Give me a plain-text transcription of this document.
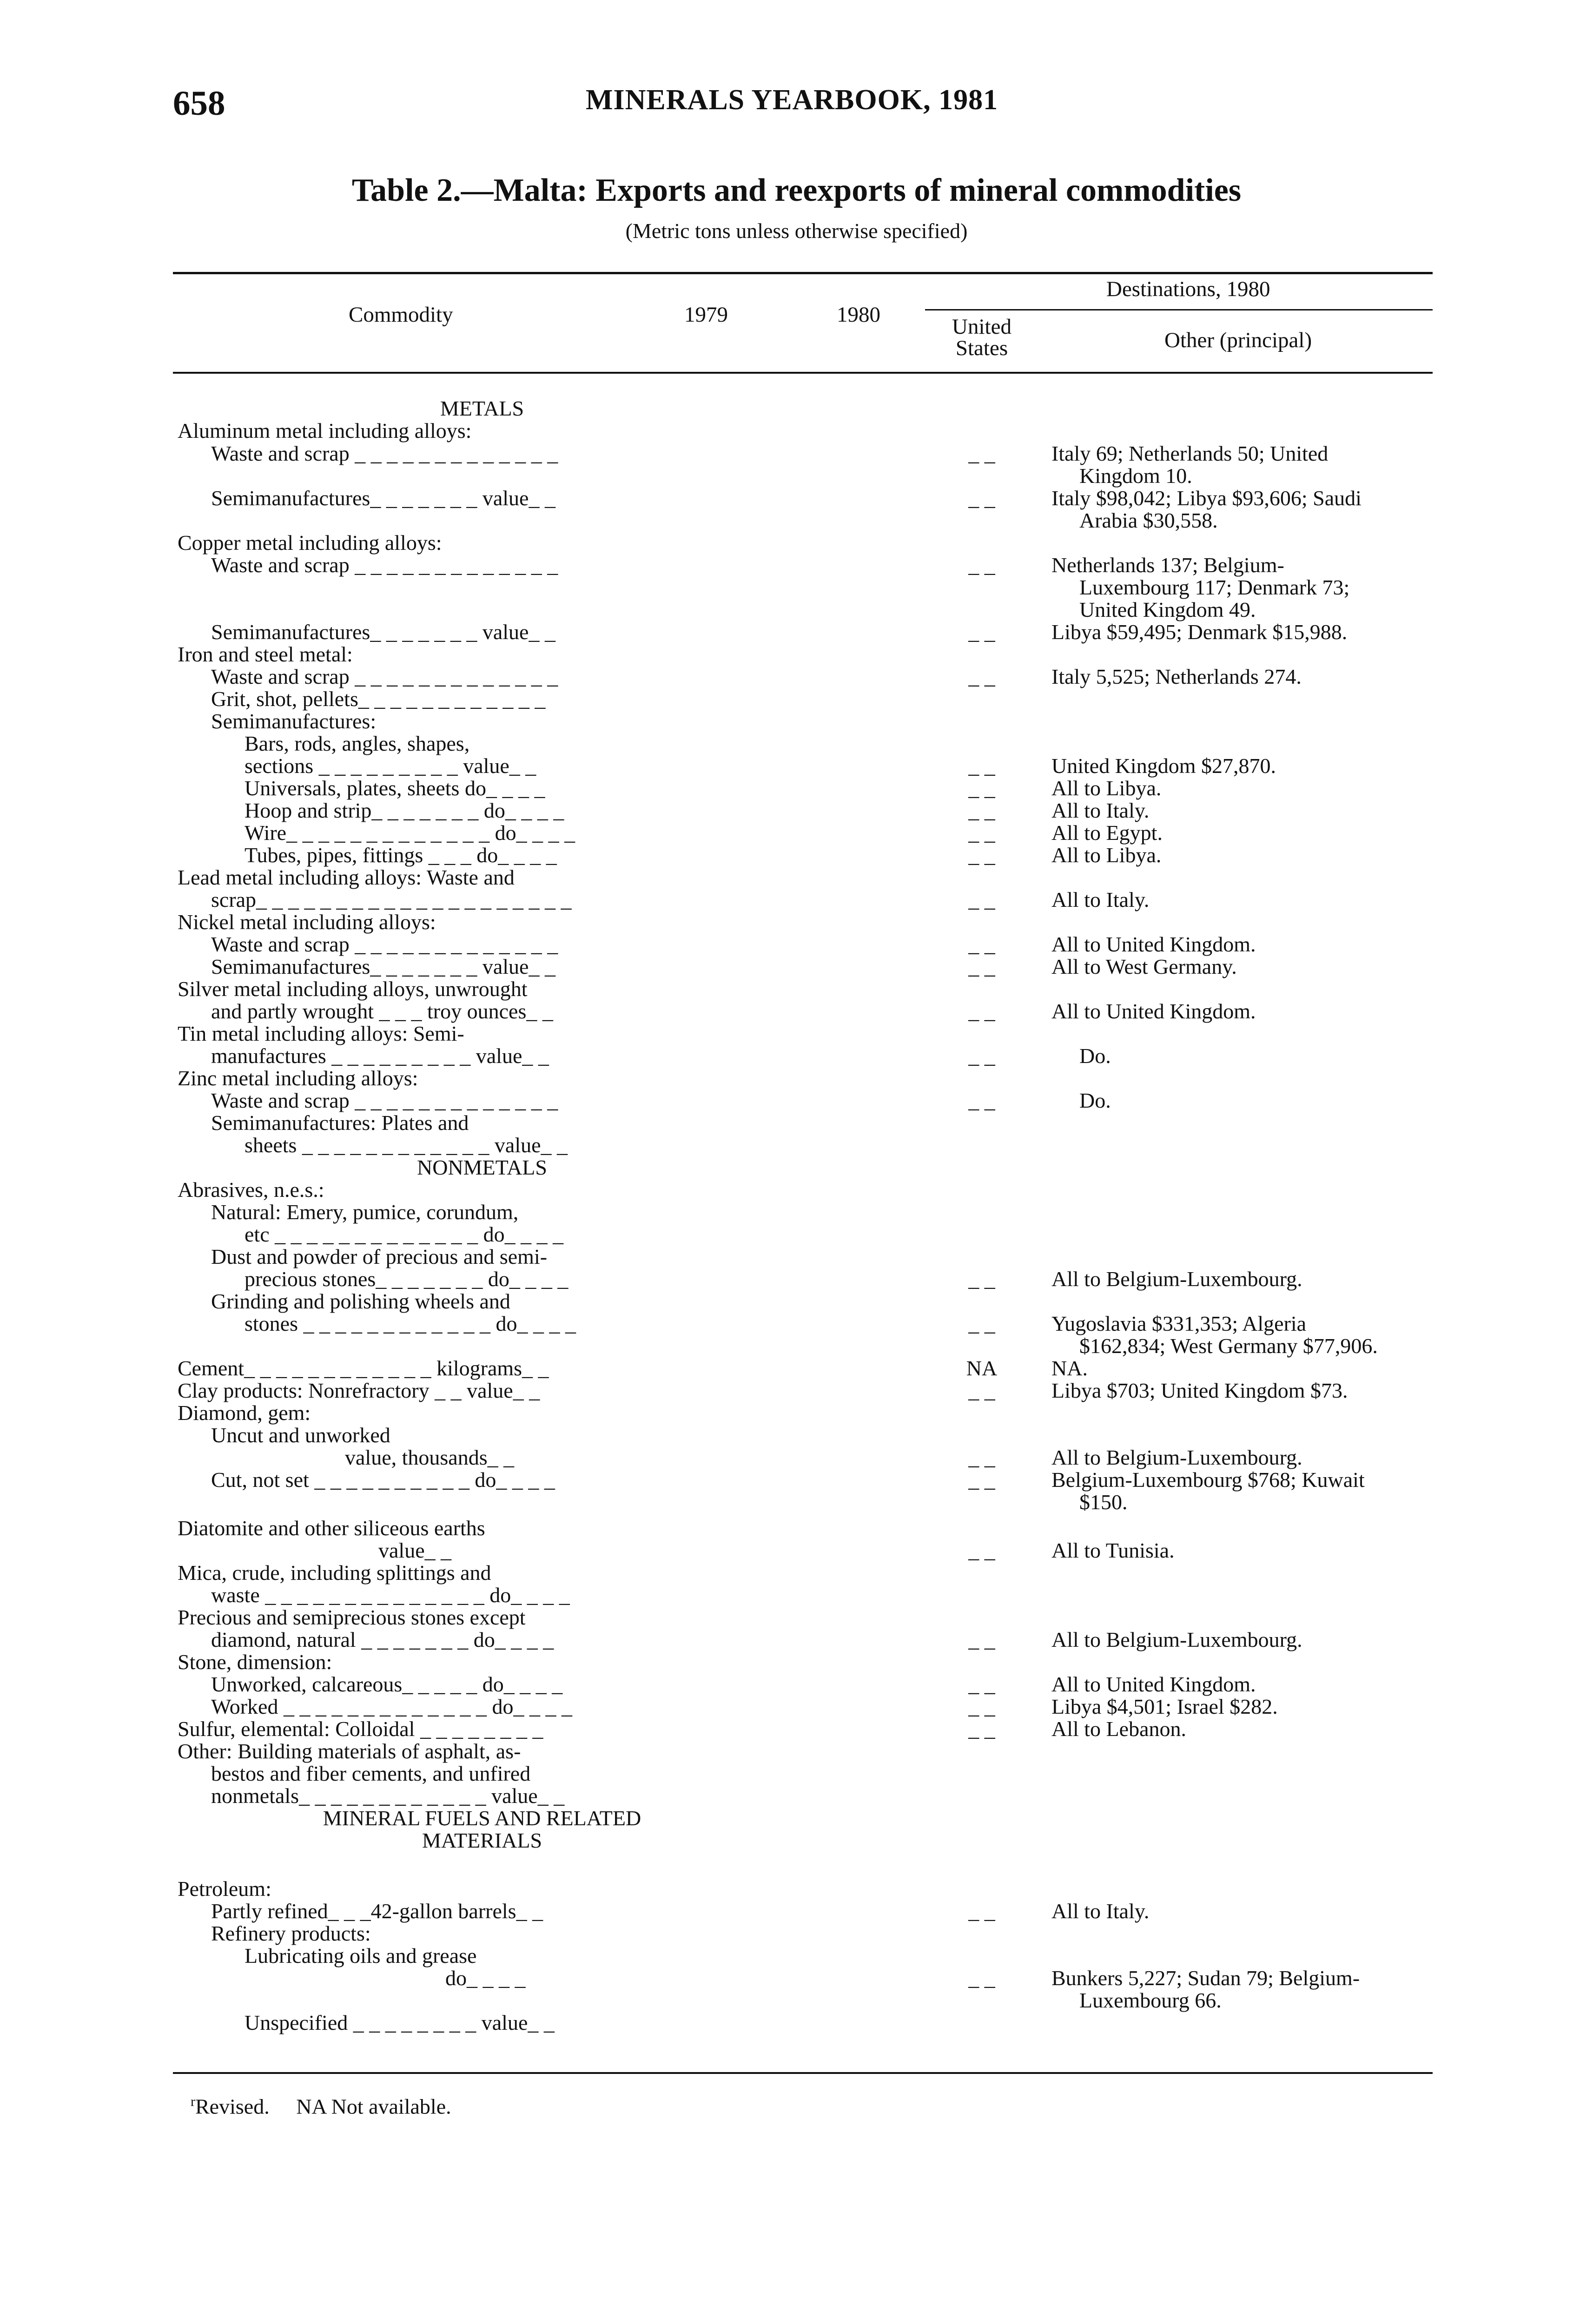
658	MINERALS YEARBOOK, 1981
Table 2.—Malta: Exports and reexports of mineral commodities
(Metric tons unless otherwise specified)
Commodity	1979	1980
Destinations, 1980
United
States	Other (principal)
METALS
Aluminum metal including alloys:
Waste and scrap _ _ _ _ _ _ _ _ _ _ _ _ _	_ _	Italy 69; Netherlands 50; United
Kingdom 10.
Semimanufactures_ _ _ _ _ _ _ value_ _	_ _	Italy $98,042; Libya $93,606; Saudi
Arabia $30,558.
Copper metal including alloys:
Waste and scrap _ _ _ _ _ _ _ _ _ _ _ _ _	_ _	Netherlands 137; Belgium-
Luxembourg 117; Denmark 73;
United Kingdom 49.
Semimanufactures_ _ _ _ _ _ _ value_ _	_ _	Libya $59,495; Denmark $15,988.
Iron and steel metal:
Waste and scrap _ _ _ _ _ _ _ _ _ _ _ _ _	_ _	Italy 5,525; Netherlands 274.
Grit, shot, pellets_ _ _ _ _ _ _ _ _ _ _ _
Semimanufactures:
Bars, rods, angles, shapes,
sections _ _ _ _ _ _ _ _ _ value_ _	_ _	United Kingdom $27,870.
Universals, plates, sheets do_ _ _ _	_ _	All to Libya.
Hoop and strip_ _ _ _ _ _ _ do_ _ _ _	_ _	All to Italy.
Wire_ _ _ _ _ _ _ _ _ _ _ _ _ do_ _ _ _	_ _	All to Egypt.
Tubes, pipes, fittings _ _ _ do_ _ _ _	_ _	All to Libya.
Lead metal including alloys: Waste and
scrap_ _ _ _ _ _ _ _ _ _ _ _ _ _ _ _ _ _ _ _	_ _	All to Italy.
Nickel metal including alloys:
Waste and scrap _ _ _ _ _ _ _ _ _ _ _ _ _	_ _	All to United Kingdom.
Semimanufactures_ _ _ _ _ _ _ value_ _	_ _	All to West Germany.
Silver metal including alloys, unwrought
and partly wrought _ _ _ troy ounces_ _	_ _	All to United Kingdom.
Tin metal including alloys: Semi-
manufactures _ _ _ _ _ _ _ _ _ value_ _	_ _	Do.
Zinc metal including alloys:
Waste and scrap _ _ _ _ _ _ _ _ _ _ _ _ _	_ _	Do.
Semimanufactures: Plates and
sheets _ _ _ _ _ _ _ _ _ _ _ _ value_ _
NONMETALS
Abrasives, n.e.s.:
Natural: Emery, pumice, corundum,
etc _ _ _ _ _ _ _ _ _ _ _ _ _ do_ _ _ _
Dust and powder of precious and semi-
precious stones_ _ _ _ _ _ _ do_ _ _ _	_ _	All to Belgium-Luxembourg.
Grinding and polishing wheels and
stones _ _ _ _ _ _ _ _ _ _ _ _ do_ _ _ _	_ _	Yugoslavia $331,353; Algeria
$162,834; West Germany $77,906.
Cement_ _ _ _ _ _ _ _ _ _ _ _ kilograms_ _	NA	NA.
Clay products: Nonrefractory _ _ value_ _	_ _	Libya $703; United Kingdom $73.
Diamond, gem:
Uncut and unworked
value, thousands_ _	_ _	All to Belgium-Luxembourg.
Cut, not set _ _ _ _ _ _ _ _ _ _ do_ _ _ _	_ _	Belgium-Luxembourg $768; Kuwait
$150.
Diatomite and other siliceous earths
value_ _	_ _	All to Tunisia.
Mica, crude, including splittings and
waste _ _ _ _ _ _ _ _ _ _ _ _ _ _ do_ _ _ _
Precious and semiprecious stones except
diamond, natural _ _ _ _ _ _ _ do_ _ _ _	_ _	All to Belgium-Luxembourg.
Stone, dimension:
Unworked, calcareous_ _ _ _ _ do_ _ _ _	_ _	All to United Kingdom.
Worked _ _ _ _ _ _ _ _ _ _ _ _ _ do_ _ _ _	_ _	Libya $4,501; Israel $282.
Sulfur, elemental: Colloidal _ _ _ _ _ _ _ _	_ _	All to Lebanon.
Other: Building materials of asphalt, as-
bestos and fiber cements, and unfired
nonmetals_ _ _ _ _ _ _ _ _ _ _ _ value_ _
MINERAL FUELS AND RELATED
MATERIALS
Petroleum:
Partly refined_ _ _42-gallon barrels_ _	_ _	All to Italy.
Refinery products:
Lubricating oils and grease
do_ _ _ _	_ _	Bunkers 5,227; Sudan 79; Belgium-
Luxembourg 66.
Unspecified _ _ _ _ _ _ _ _ value_ _
$^r$Revised.     NA Not available.
